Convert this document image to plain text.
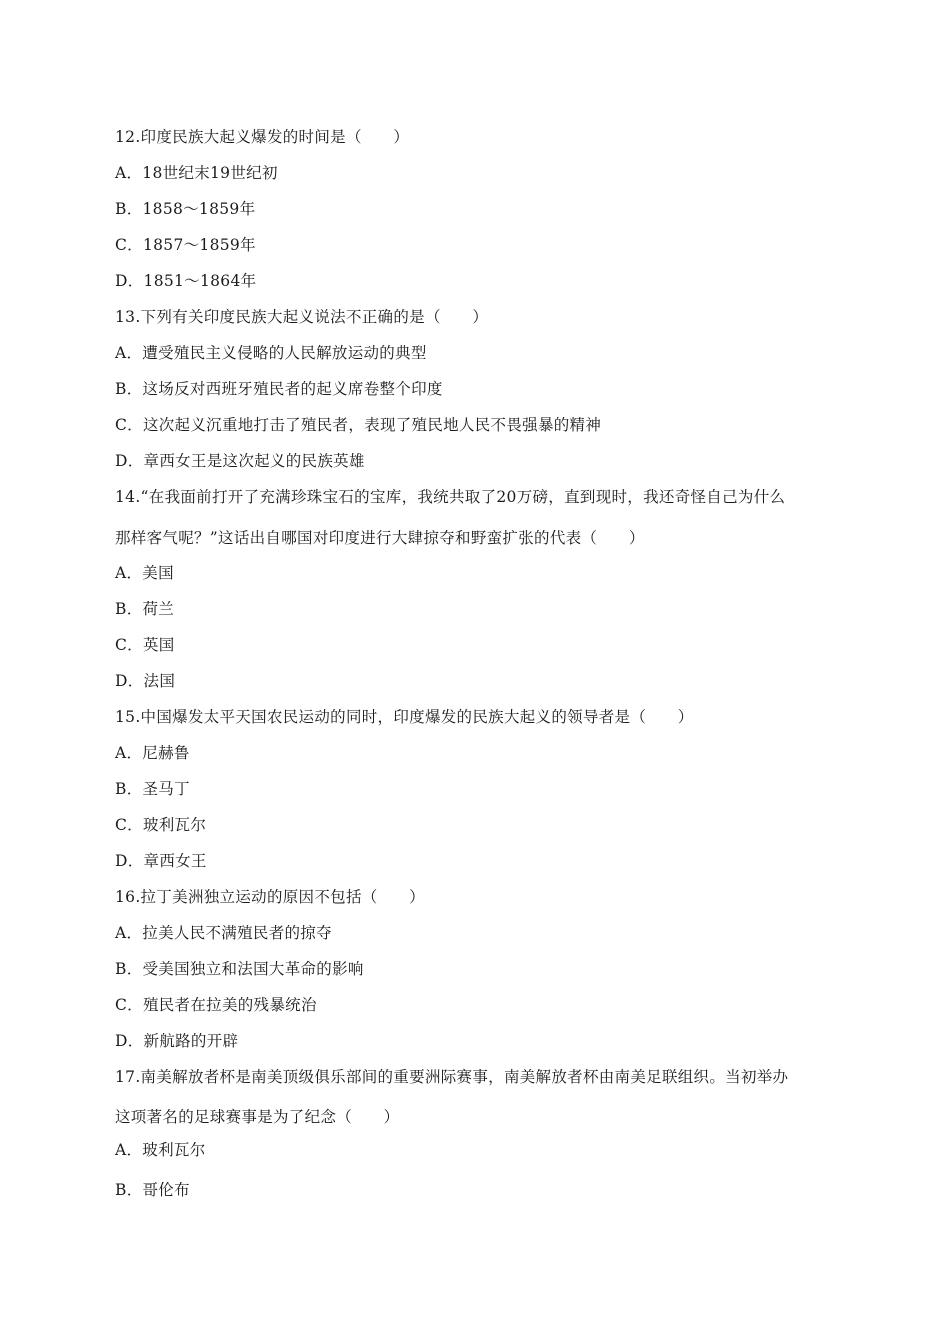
12.印度民族大起义爆发的时间是（　　）
A．18世纪末19世纪初
B．1858～1859年
C．1857～1859年
D．1851～1864年
13.下列有关印度民族大起义说法不正确的是（　　）
A．遭受殖民主义侵略的人民解放运动的典型
B．这场反对西班牙殖民者的起义席卷整个印度
C．这次起义沉重地打击了殖民者，表现了殖民地人民不畏强暴的精神
D．章西女王是这次起义的民族英雄
14.“在我面前打开了充满珍珠宝石的宝库，我统共取了20万磅，直到现时，我还奇怪自己为什么
那样客气呢？”这话出自哪国对印度进行大肆掠夺和野蛮扩张的代表（　　）
A．美国
B．荷兰
C．英国
D．法国
15.中国爆发太平天国农民运动的同时，印度爆发的民族大起义的领导者是（　　）
A．尼赫鲁
B．圣马丁
C．玻利瓦尔
D．章西女王
16.拉丁美洲独立运动的原因不包括（　　）
A．拉美人民不满殖民者的掠夺
B．受美国独立和法国大革命的影响
C．殖民者在拉美的残暴统治
D．新航路的开辟
17.南美解放者杯是南美顶级俱乐部间的重要洲际赛事，南美解放者杯由南美足联组织。当初举办
这项著名的足球赛事是为了纪念（　　）
A．玻利瓦尔
B．哥伦布
